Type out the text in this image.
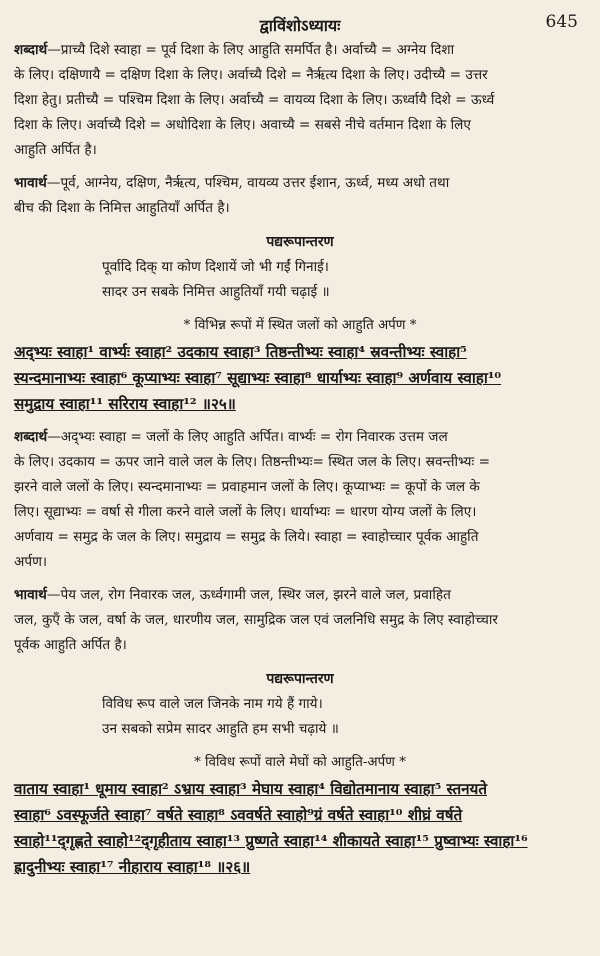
द्वाविंशोऽध्यायः	645
शब्दार्थ—प्राच्यै दिशे स्वाहा = पूर्व दिशा के लिए आहुति समर्पित है। अर्वाच्यै = अग्नेय दिशा
के लिए। दक्षिणायै = दक्षिण दिशा के लिए। अर्वाच्यै दिशे = नैर्ऋत्य दिशा के लिए। उदीच्यै = उत्तर
दिशा हेतु। प्रतीच्यै = पश्चिम दिशा के लिए। अर्वाच्यै = वायव्य दिशा के लिए। ऊर्ध्वायै दिशे = ऊर्ध्व
दिशा के लिए। अर्वाच्यै दिशे = अधोदिशा के लिए। अवाच्यै = सबसे नीचे वर्तमान दिशा के लिए
आहुति अर्पित है।
भावार्थ—पूर्व, आग्नेय, दक्षिण, नैर्ऋत्य, पश्चिम, वायव्य उत्तर ईशान, ऊर्ध्व, मध्य अधो तथा
बीच की दिशा के निमित्त आहुतियाँ अर्पित है।
पद्यरूपान्तरण
पूर्वादि दिक् या कोण दिशायें जो भी गईं गिनाई।
सादर उन सबके निमित्त आहुतियाँ गयी चढ़ाई ॥
* विभिन्न रूपों में स्थित जलों को आहुति अर्पण *
अद्भ्यः स्वाहा¹ वार्भ्यः स्वाहा² उदकाय स्वाहा³ तिष्ठन्तीभ्यः स्वाहा⁴ स्रवन्तीभ्यः स्वाहा⁵
स्यन्दमानाभ्यः स्वाहा⁶ कूप्याभ्यः स्वाहा⁷ सूद्याभ्यः स्वाहा⁸ धार्याभ्यः स्वाहा⁹ अर्णवाय स्वाहा¹⁰
समुद्राय स्वाहा¹¹ सरिराय स्वाहा¹² ॥२५॥
शब्दार्थ—अद्भ्यः स्वाहा = जलों के लिए आहुति अर्पित। वार्भ्यः = रोग निवारक उत्तम जल
के लिए। उदकाय = ऊपर जाने वाले जल के लिए। तिष्ठन्तीभ्यः= स्थित जल के लिए। स्रवन्तीभ्यः =
झरने वाले जलों के लिए। स्यन्दमानाभ्यः = प्रवाहमान जलों के लिए। कूप्याभ्यः = कूपों के जल के
लिए। सूद्याभ्यः = वर्षा से गीला करने वाले जलों के लिए। धार्याभ्यः = धारण योग्य जलों के लिए।
अर्णवाय = समुद्र के जल के लिए। समुद्राय = समुद्र के लिये। स्वाहा = स्वाहोच्चार पूर्वक आहुति
अर्पण।
भावार्थ—पेय जल, रोग निवारक जल, ऊर्ध्वगामी जल, स्थिर जल, झरने वाले जल, प्रवाहित
जल, कुएँ के जल, वर्षा के जल, धारणीय जल, सामुद्रिक जल एवं जलनिधि समुद्र के लिए स्वाहोच्चार
पूर्वक आहुति अर्पित है।
पद्यरूपान्तरण
विविध रूप वाले जल जिनके नाम गये हैं गाये।
उन सबको सप्रेम सादर आहुति हम सभी चढ़ाये ॥
* विविध रूपों वाले मेघों को आहुति-अर्पण *
वाताय स्वाहा¹ धूमाय स्वाहा² ऽभ्राय स्वाहा³ मेघाय स्वाहा⁴ विद्योतमानाय स्वाहा⁵ स्तनयते
स्वाहा⁶ ऽवस्फूर्जते स्वाहा⁷ वर्षते स्वाहा⁸ ऽववर्षते स्वाहो⁹ग्रं वर्षते स्वाहा¹⁰ शीघ्रं वर्षते
स्वाहो¹¹द्‌गृह्णते स्वाहो¹²द्‌गृहीताय स्वाहा¹³ प्रुष्णते स्वाहा¹⁴ शीकायते स्वाहा¹⁵ प्रुष्वाभ्यः स्वाहा¹⁶
ह्रादुनीभ्यः स्वाहा¹⁷ नीहाराय स्वाहा¹⁸ ॥२६॥
